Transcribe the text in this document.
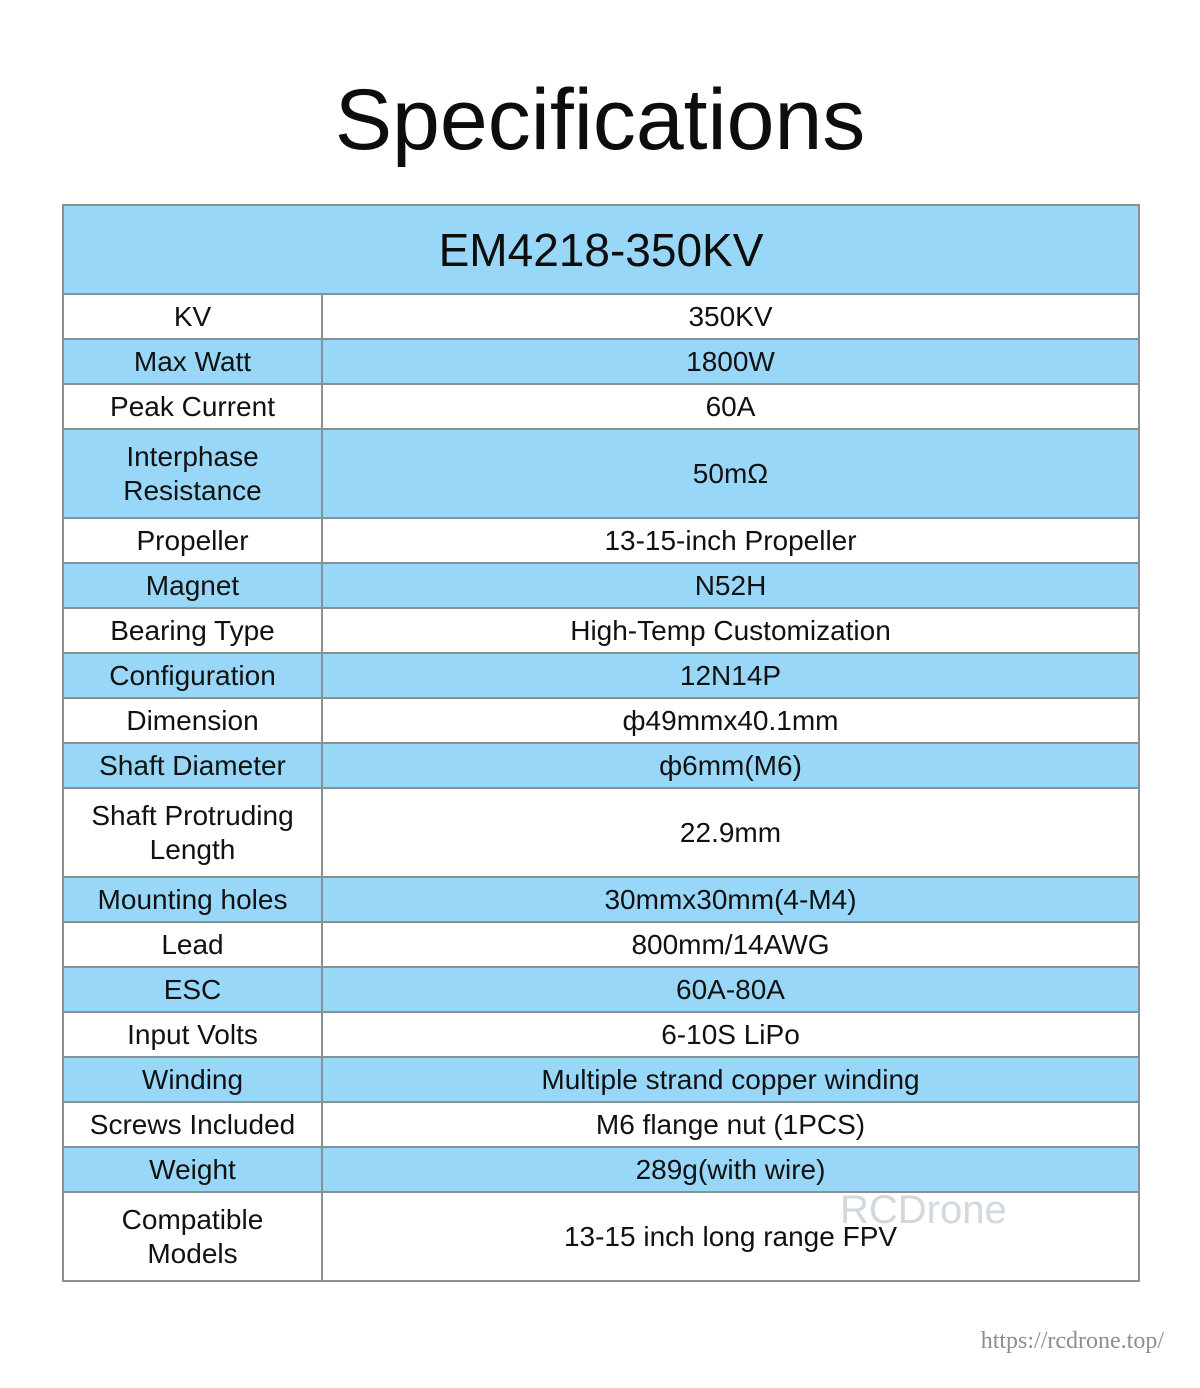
Specifications
EM4218-350KV	
KV	350KV
Max Watt	1800W
Peak Current	60A
Interphase Resistance	50mΩ
Propeller	13-15-inch Propeller
Magnet	N52H
Bearing Type	High-Temp Customization
Configuration	12N14P
Dimension	ф49mmx40.1mm
Shaft Diameter	ф6mm(M6)
Shaft Protruding Length	22.9mm
Mounting holes	30mmx30mm(4-M4)
Lead	800mm/14AWG
ESC	60A-80A
Input Volts	6-10S LiPo
Winding	Multiple strand copper winding
Screws Included	M6 flange nut (1PCS)
Weight	289g(with wire)
Compatible Models	13-15 inch long range FPV
RCDrone
https://rcdrone.top/
